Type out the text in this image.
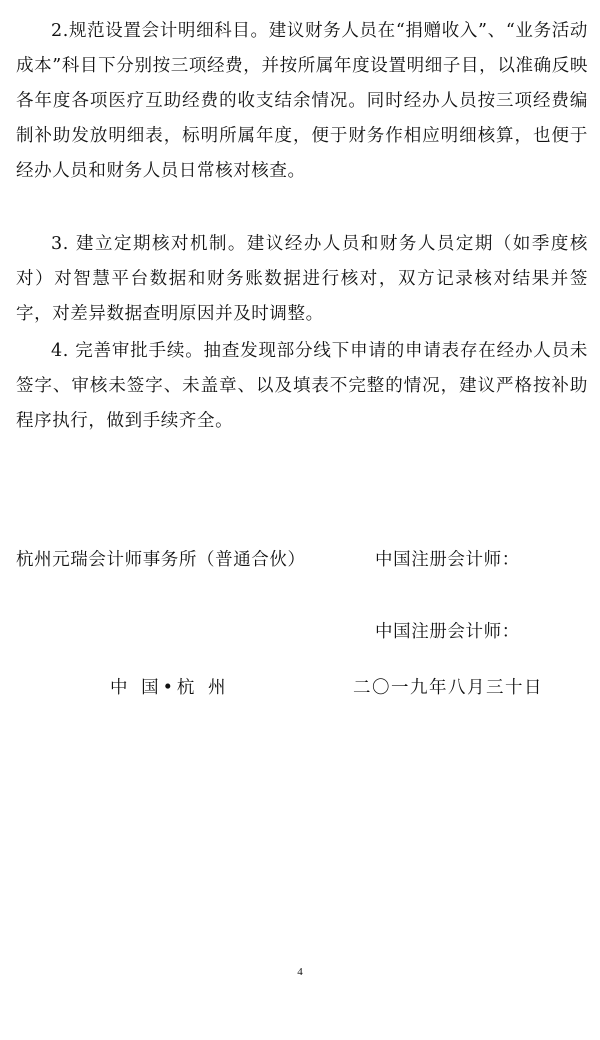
2.规范设置会计明细科目。建议财务人员在“捐赠收入”、“业务活动成本”科目下分别按三项经费，并按所属年度设置明细子目，以准确反映各年度各项医疗互助经费的收支结余情况。同时经办人员按三项经费编制补助发放明细表，标明所属年度，便于财务作相应明细核算，也便于经办人员和财务人员日常核对核查。

3. 建立定期核对机制。建议经办人员和财务人员定期（如季度核对）对智慧平台数据和财务账数据进行核对，双方记录核对结果并签字，对差异数据查明原因并及时调整。

4. 完善审批手续。抽查发现部分线下申请的申请表存在经办人员未签字、审核未签字、未盖章、以及填表不完整的情况，建议严格按补助程序执行，做到手续齐全。

杭州元瑞会计师事务所（普通合伙）	中国注册会计师：
中国注册会计师：
中 国•杭 州	二〇一九年八月三十日
4
